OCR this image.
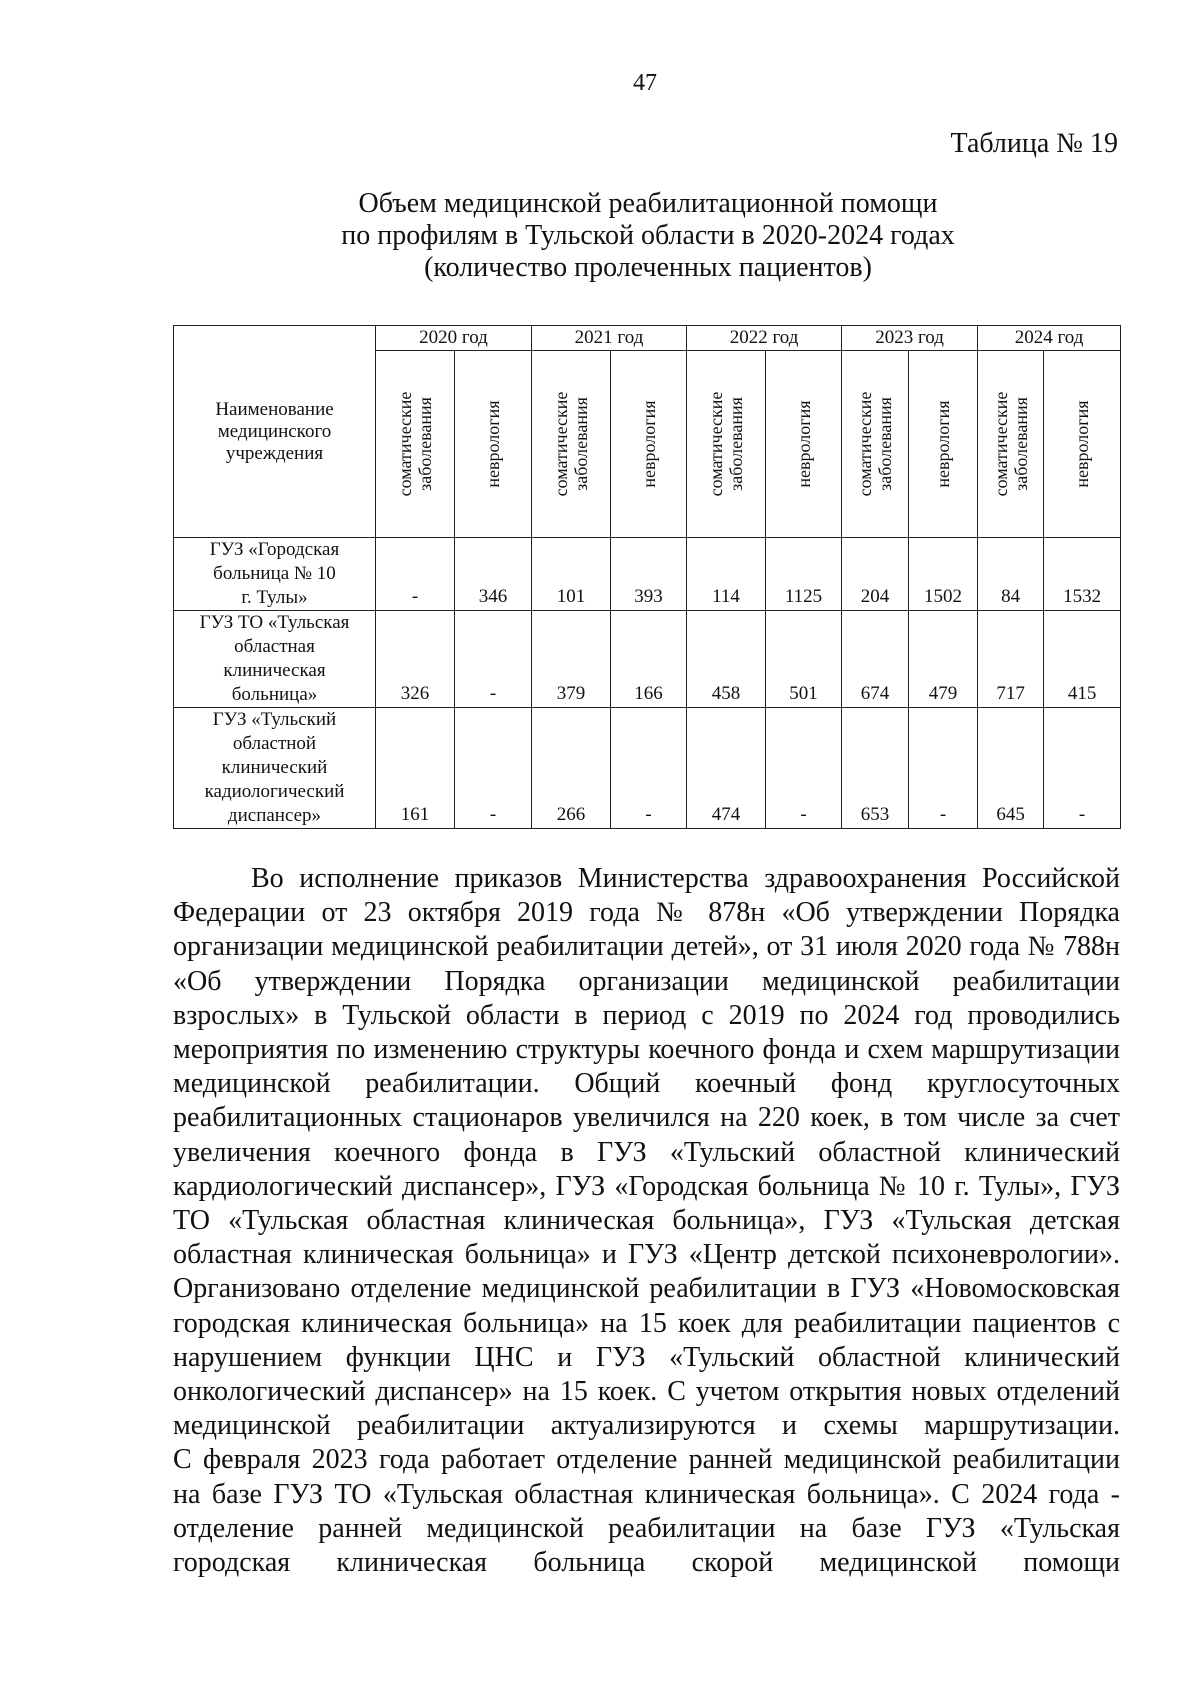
47
Таблица № 19
Объем медицинской реабилитационной помощи
по профилям в Тульской области в 2020-2024 годах
(количество пролеченных пациентов)
Наименование
медицинского
учреждения	2020 год		2021 год		2022 год		2023 год		2024 год	

	соматические заболевания	неврология	соматические заболевания	неврология	соматические заболевания	неврология	соматические заболевания	неврология	соматические заболевания	неврология

ГУЗ «Городская
больница № 10
г. Тулы»	-	346	101	393	114	1125	204	1502	84	1532

ГУЗ ТО «Тульская
областная
клиническая
больница»	326	-	379	166	458	501	674	479	717	415

ГУЗ «Тульский
областной
клинический
кадиологический
диспансер»	161	-	266	-	474	-	653	-	645	-
Во исполнение приказов Министерства здравоохранения Российской
Федерации от 23 октября 2019 года № 878н «Об утверждении Порядка
организации медицинской реабилитации детей», от 31 июля 2020 года № 788н
«Об утверждении Порядка организации медицинской реабилитации
взрослых» в Тульской области в период с 2019 по 2024 год проводились
мероприятия по изменению структуры коечного фонда и схем маршрутизации
медицинской реабилитации. Общий коечный фонд круглосуточных
реабилитационных стационаров увеличился на 220 коек, в том числе за счет
увеличения коечного фонда в ГУЗ «Тульский областной клинический
кардиологический диспансер», ГУЗ «Городская больница № 10 г. Тулы», ГУЗ
ТО «Тульская областная клиническая больница», ГУЗ «Тульская детская
областная клиническая больница» и ГУЗ «Центр детской психоневрологии».
Организовано отделение медицинской реабилитации в ГУЗ «Новомосковская
городская клиническая больница» на 15 коек для реабилитации пациентов с
нарушением функции ЦНС и ГУЗ «Тульский областной клинический
онкологический диспансер» на 15 коек. С учетом открытия новых отделений
медицинской реабилитации актуализируются и схемы маршрутизации.
С февраля 2023 года работает отделение ранней медицинской реабилитации
на базе ГУЗ ТО «Тульская областная клиническая больница». С 2024 года -
отделение ранней медицинской реабилитации на базе ГУЗ «Тульская
городская клиническая больница скорой медицинской помощи
